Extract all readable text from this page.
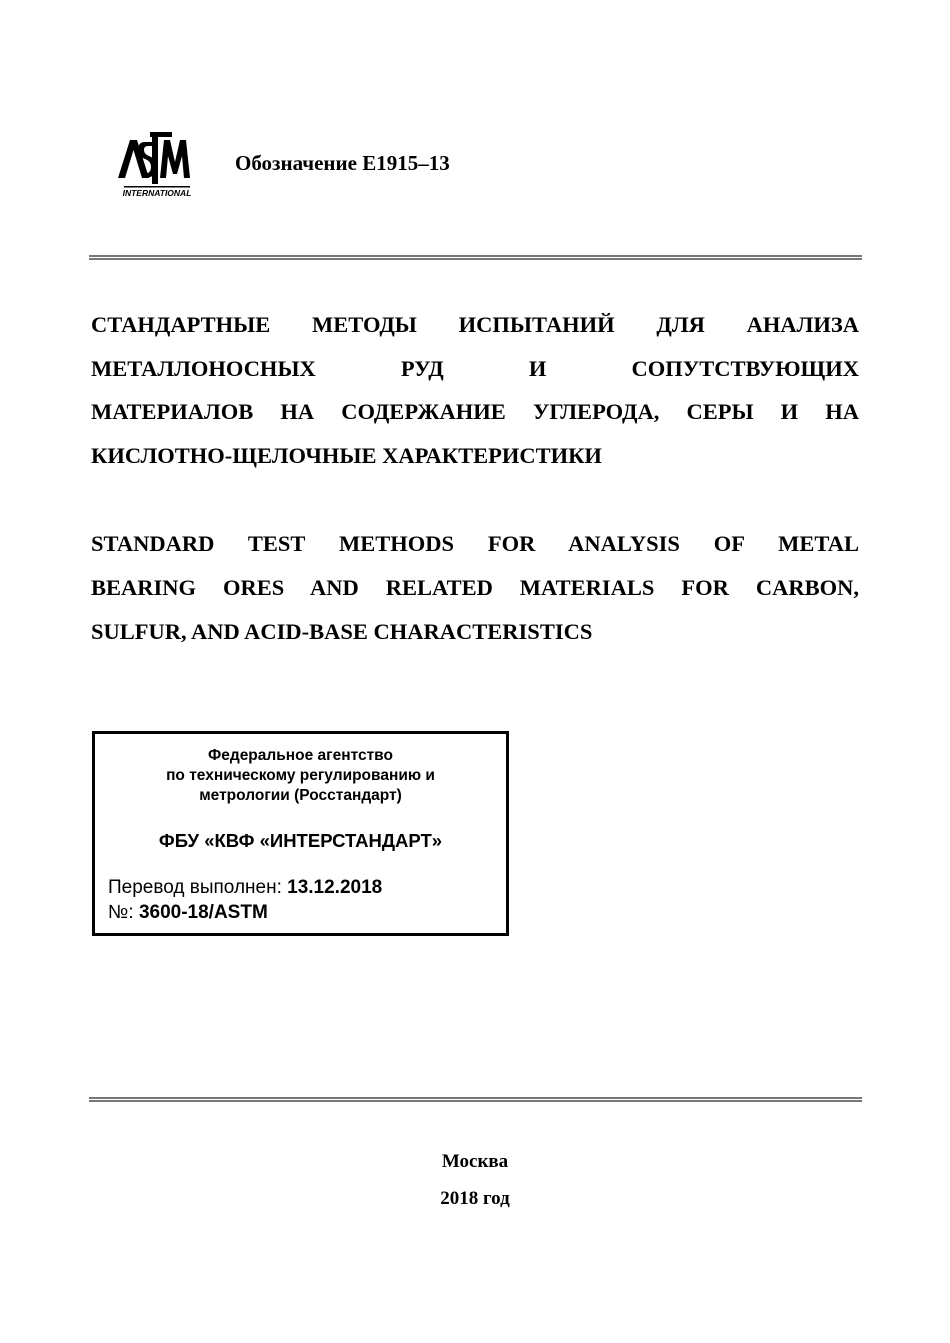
INTERNATIONAL
Обозначение E1915–13
СТАНДАРТНЫЕ МЕТОДЫ ИСПЫТАНИЙ ДЛЯ АНАЛИЗА
МЕТАЛЛОНОСНЫХ РУД И СОПУТСТВУЮЩИХ
МАТЕРИАЛОВ НА СОДЕРЖАНИЕ УГЛЕРОДА, СЕРЫ И НА
КИСЛОТНО-ЩЕЛОЧНЫЕ ХАРАКТЕРИСТИКИ
STANDARD TEST METHODS FOR ANALYSIS OF METAL
BEARING ORES AND RELATED MATERIALS FOR CARBON,
SULFUR, AND ACID-BASE CHARACTERISTICS
Федеральное агентство
по техническому регулированию и
метрологии (Росстандарт)
ФБУ «КВФ «ИНТЕРСТАНДАРТ»
Перевод выполнен: 13.12.2018
№: 3600-18/ASTM
Москва
2018 год
